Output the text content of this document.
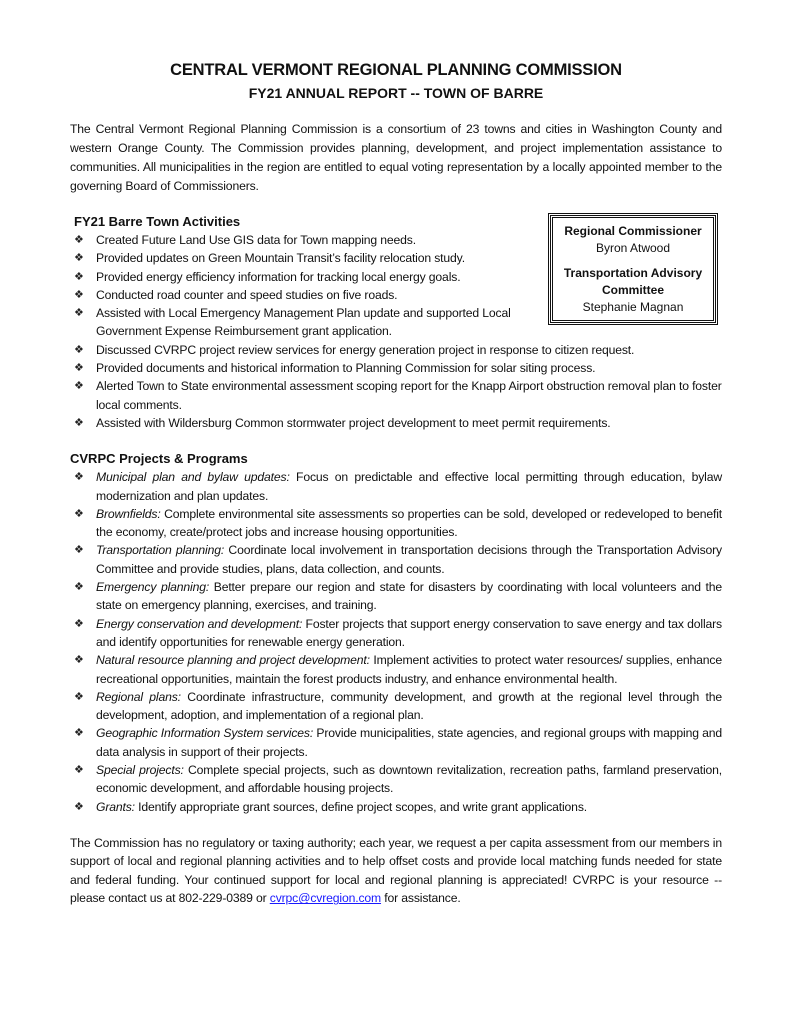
CENTRAL VERMONT REGIONAL PLANNING COMMISSION
FY21 ANNUAL REPORT -- TOWN OF BARRE

The Central Vermont Regional Planning Commission is a consortium of 23 towns and cities in Washington County and western Orange County. The Commission provides planning, development, and project implementation assistance to communities. All municipalities in the region are entitled to equal voting representation by a locally appointed member to the governing Board of Commissioners.

Regional Commissioner
Byron Atwood
Transportation Advisory
Committee
Stephanie Magnan
FY21 Barre Town Activities
❖ Created Future Land Use GIS data for Town mapping needs.
❖ Provided updates on Green Mountain Transit’s facility relocation study.
❖ Provided energy efficiency information for tracking local energy goals.
❖ Conducted road counter and speed studies on five roads.
❖ Assisted with Local Emergency Management Plan update and supported Local Government Expense Reimbursement grant application.
❖ Discussed CVRPC project review services for energy generation project in response to citizen request.
❖ Provided documents and historical information to Planning Commission for solar siting process.
❖ Alerted Town to State environmental assessment scoping report for the Knapp Airport obstruction removal plan to foster local comments.
❖ Assisted with Wildersburg Common stormwater project development to meet permit requirements.
CVRPC Projects & Programs
❖ Municipal plan and bylaw updates: Focus on predictable and effective local permitting through education, bylaw modernization and plan updates.
❖ Brownfields: Complete environmental site assessments so properties can be sold, developed or redeveloped to benefit the economy, create/protect jobs and increase housing opportunities.
❖ Transportation planning: Coordinate local involvement in transportation decisions through the Transportation Advisory Committee and provide studies, plans, data collection, and counts.
❖ Emergency planning: Better prepare our region and state for disasters by coordinating with local volunteers and the state on emergency planning, exercises, and training.
❖ Energy conservation and development: Foster projects that support energy conservation to save energy and tax dollars and identify opportunities for renewable energy generation.
❖ Natural resource planning and project development: Implement activities to protect water resources/ supplies, enhance recreational opportunities, maintain the forest products industry, and enhance environmental health.
❖ Regional plans: Coordinate infrastructure, community development, and growth at the regional level through the development, adoption, and implementation of a regional plan.
❖ Geographic Information System services: Provide municipalities, state agencies, and regional groups with mapping and data analysis in support of their projects.
❖ Special projects: Complete special projects, such as downtown revitalization, recreation paths, farmland preservation, economic development, and affordable housing projects.
❖ Grants: Identify appropriate grant sources, define project scopes, and write grant applications.

The Commission has no regulatory or taxing authority; each year, we request a per capita assessment from our members in support of local and regional planning activities and to help offset costs and provide local matching funds needed for state and federal funding. Your continued support for local and regional planning is appreciated! CVRPC is your resource -- please contact us at 802-229-0389 or cvrpc@cvregion.com for assistance.
